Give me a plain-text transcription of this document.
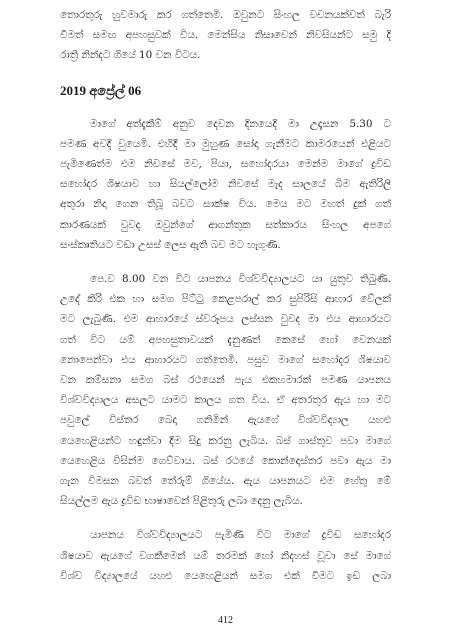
තොරතුරු හුවමාරු කර ගත්තෙමි. ඔවුනට සිංහල වචනයක්වත් බැරි
වීමත් සමඟ අපහසුවක් විය. මෙන්සිය නිසාවෙන් නිවසියන්ට සමු දි
රාත්‍රි නින්දට ගියේ 10 වන විටය.
2019 අප්‍රේල් 06
මාගේ අත්දැකීම් අනුව දෙවන දිනයෙදි මා උදෑසන 5.30 ට
පමණ අවදි වුයෙමි. එහිදී මා මුහුණ සෝදා ගැනීමට කාමරයෙන් එළියට
පැමිණෙත්ම එම නිවසේ මව, පියා, සහෝදරයා මෙන්ම මාගේ ද්‍රවිඩ
සහෝදර ශිෂයාව හා සියල්ලෝම නිවසේ මැද සාලයේ බිම ඇතිරිලි
අතුරා නිදා ගෙන තිබූ බවට සාක්ෂ විය. මෙය මට මහත් දුක් ගත්
කාරණයක් වුවද ඔවුන්ගේ ආගන්තුක සත්කාරය සිංහල අපගේ
සංස්කෘතියට වඩා උසස් ලෙස ඇති බව මට හැගුණි.
පෙ.ව 8.00 වන විට යාපනය විශ්වවිද්‍යාලයට යා යුතුව තිබුණි.
උදේ කිරි එක හා සමග පිට්ටු කෙළපරාල් කර සුපිරිසි ආහාර වේලක්
මට ලැබුණි. එම ආහාරයේ ස්වරූපය ලස්සන වුවද මා එය ආහාරයට
ගත් විට යම් අපහසුතාවයක් දැනුණත් කෙසේ හෝ වෙනයක්
නොපෙන්වා එය ආහාරයට ගත්තෙමි. පසුව මාගේ සහෝදර ශිෂයාව
වන කම්සනා සමග බස් රථයෙන් පැය එකහමාරක් පමණ යාපනය
විශ්වවිද්‍යාලය අසලට යාමට කාලය ගත විය. ඒ අතරතුර ඇය හා මට
පවුලේ විස්තර බෙදා ගනිමින් ඇයගේ විශ්වවිද්‍යාල යහළු
යෙහෙළියන්ට හඳුන්වා දීම සිදු කරනු ලැබිය. බස් ගාස්තුව පවා මාගේ
යෙහෙළිය විසින්ම ගෙව්වාය. බස් රථයේ කොන්දොස්තර පවා ඇය මා
ගැන විමසන බවත් තේරුම් ගියේය. ඇය යාපනයට එම හේතු මේ
සියල්ලම ඇය ද්‍රවිඩ භාෂාවෙන් පිළිතුරු ලබා දෙනු ලැබිය.
412
යාපනය විශ්වවිද්‍යාලයට පැමිණි විට මාගේ ද්‍රවිඩ සහෝදර
ශිෂයාව ඇයගේ වගකීමෙන් යම් තරමක් හෝ නිදහස් වූවා සේ මාගේ
විශ්ව විද්‍යාලයේ යහළු යෙහෙළියන් සමග එක් වීමට ඉඩ ලබා
